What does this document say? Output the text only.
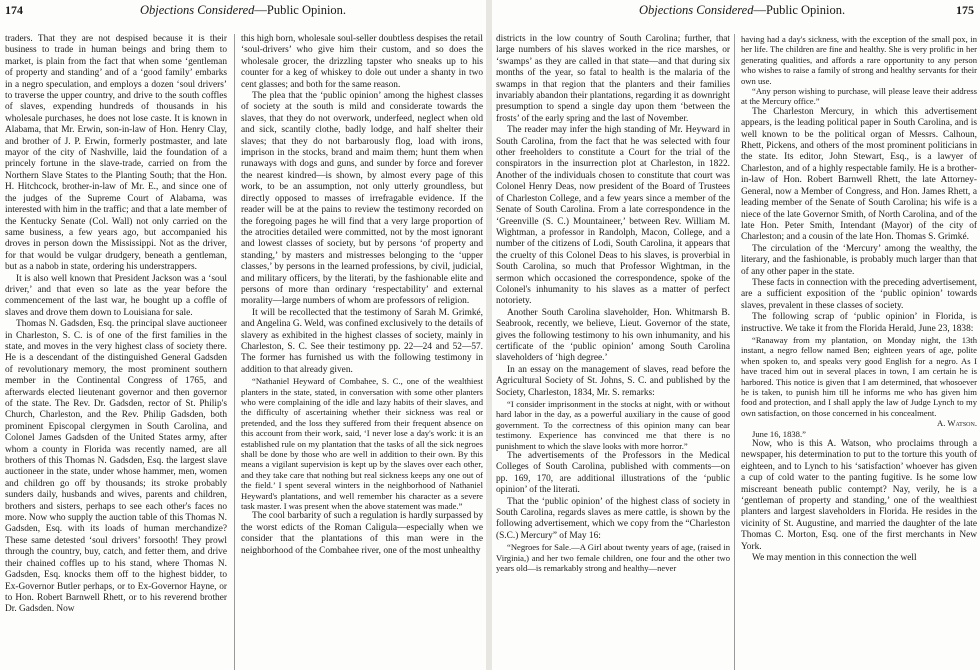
174	Objections Considered—Public Opinion.

traders. That they are not despised because it is their business to trade in human beings and bring them to market, is plain from the fact that when some ‘gentleman of property and standing’ and of a ‘good family’ embarks in a negro speculation, and employs a dozen ‘soul drivers’ to traverse the upper country, and drive to the south coffles of slaves, expending hundreds of thousands in his wholesale purchases, he does not lose caste. It is known in Alabama, that Mr. Erwin, son-in-law of Hon. Henry Clay, and brother of J. P. Erwin, formerly postmaster, and late mayor of the city of Nashville, laid the foundation of a princely fortune in the slave-trade, carried on from the Northern Slave States to the Planting South; that the Hon. H. Hitchcock, brother-in-law of Mr. E., and since one of the judges of the Supreme Court of Alabama, was interested with him in the traffic; and that a late member of the Kentucky Senate (Col. Wall) not only carried on the same business, a few years ago, but accompanied his droves in person down the Mississippi. Not as the driver, for that would be vulgar drudgery, beneath a gentleman, but as a nabob in state, ordering his understrappers.

It is also well known that President Jackson was a ‘soul driver,’ and that even so late as the year before the commencement of the last war, he bought up a coffle of slaves and drove them down to Louisiana for sale.

Thomas N. Gadsden, Esq. the principal slave auctioneer in Charleston, S. C. is of one of the first families in the state, and moves in the very highest class of society there. He is a descendant of the distinguished General Gadsden of revolutionary memory, the most prominent southern member in the Continental Congress of 1765, and afterwards elected lieutenant governor and then governor of the state. The Rev. Dr. Gadsden, rector of St. Philip's Church, Charleston, and the Rev. Philip Gadsden, both prominent Episcopal clergymen in South Carolina, and Colonel James Gadsden of the United States army, after whom a county in Florida was recently named, are all brothers of this Thomas N. Gadsden, Esq. the largest slave auctioneer in the state, under whose hammer, men, women and children go off by thousands; its stroke probably sunders daily, husbands and wives, parents and children, brothers and sisters, perhaps to see each other's faces no more. Now who supply the auction table of this Thomas N. Gadsden, Esq. with its loads of human merchandize? These same detested ‘soul drivers’ forsooth! They prowl through the country, buy, catch, and fetter them, and drive their chained coffles up to his stand, where Thomas N. Gadsden, Esq. knocks them off to the highest bidder, to Ex-Governor Butler perhaps, or to Ex-Governor Hayne, or to Hon. Robert Barnwell Rhett, or to his reverend brother Dr. Gadsden. Now

this high born, wholesale soul-seller doubtless despises the retail ‘soul-drivers’ who give him their custom, and so does the wholesale grocer, the drizzling tapster who sneaks up to his counter for a keg of whiskey to dole out under a shanty in two cent glasses; and both for the same reason.

The plea that the ‘public opinion’ among the highest classes of society at the south is mild and considerate towards the slaves, that they do not overwork, underfeed, neglect when old and sick, scantily clothe, badly lodge, and half shelter their slaves; that they do not barbarously flog, load with irons, imprison in the stocks, brand and maim them; hunt them when runaways with dogs and guns, and sunder by force and forever the nearest kindred—is shown, by almost every page of this work, to be an assumption, not only utterly groundless, but directly opposed to masses of irrefragable evidence. If the reader will be at the pains to review the testimony recorded on the foregoing pages he will find that a very large proportion of the atrocities detailed were committed, not by the most ignorant and lowest classes of society, but by persons ‘of property and standing,’ by masters and mistresses belonging to the ‘upper classes,’ by persons in the learned professions, by civil, judicial, and military officers, by the literati, by the fashionable elite and persons of more than ordinary ‘respectability’ and external morality—large numbers of whom are professors of religion.

It will be recollected that the testimony of Sarah M. Grimké, and Angelina G. Weld, was confined exclusively to the details of slavery as exhibited in the highest classes of society, mainly in Charleston, S. C. See their testimony pp. 22—24 and 52—57. The former has furnished us with the following testimony in addition to that already given.

“Nathaniel Heyward of Combahee, S. C., one of the wealthiest planters in the state, stated, in conversation with some other planters who were complaining of the idle and lazy habits of their slaves, and the difficulty of ascertaining whether their sickness was real or pretended, and the loss they suffered from their frequent absence on this account from their work, said, ‘I never lose a day's work: it is an established rule on my plantation that the tasks of all the sick negroes shall be done by those who are well in addition to their own. By this means a vigilant supervision is kept up by the slaves over each other, and they take care that nothing but real sickness keeps any one out of the field.’ I spent several winters in the neighborhood of Nathaniel Heyward's plantations, and well remember his character as a severe task master. I was present when the above statement was made.”

The cool barbarity of such a regulation is hardly surpassed by the worst edicts of the Roman Caligula—especially when we consider that the plantations of this man were in the neighborhood of the Combahee river, one of the most unhealthy

Objections Considered—Public Opinion.	175

districts in the low country of South Carolina; further, that large numbers of his slaves worked in the rice marshes, or ‘swamps’ as they are called in that state—and that during six months of the year, so fatal to health is the malaria of the swamps in that region that the planters and their families invariably abandon their plantations, regarding it as downright presumption to spend a single day upon them ‘between the frosts’ of the early spring and the last of November.

The reader may infer the high standing of Mr. Heyward in South Carolina, from the fact that he was selected with four other freeholders to constitute a Court for the trial of the conspirators in the insurrection plot at Charleston, in 1822. Another of the individuals chosen to constitute that court was Colonel Henry Deas, now president of the Board of Trustees of Charleston College, and a few years since a member of the Senate of South Carolina. From a late correspondence in the ‘Greenville (S. C.) Mountaineer,’ between Rev. William M. Wightman, a professor in Randolph, Macon, College, and a number of the citizens of Lodi, South Carolina, it appears that the cruelty of this Colonel Deas to his slaves, is proverbial in South Carolina, so much that Professor Wightman, in the sermon which occasioned the correspondence, spoke of the Colonel's inhumanity to his slaves as a matter of perfect notoriety.

Another South Carolina slaveholder, Hon. Whitmarsh B. Seabrook, recently, we believe, Lieut. Governor of the state, gives the following testimony to his own inhumanity, and his certificate of the ‘public opinion’ among South Carolina slaveholders of ‘high degree.’

In an essay on the management of slaves, read before the Agricultural Society of St. Johns, S. C. and published by the Society, Charleston, 1834, Mr. S. remarks:

“I consider imprisonment in the stocks at night, with or without hard labor in the day, as a powerful auxiliary in the cause of good government. To the correctness of this opinion many can bear testimony. Experience has convinced me that there is no punishment to which the slave looks with more horror.”

The advertisements of the Professors in the Medical Colleges of South Carolina, published with comments—on pp. 169, 170, are additional illustrations of the ‘public opinion’ of the literati.

That the ‘public opinion’ of the highest class of society in South Carolina, regards slaves as mere cattle, is shown by the following advertisement, which we copy from the “Charleston (S.C.) Mercury” of May 16:

“Negroes for Sale.—A Girl about twenty years of age, (raised in Virginia,) and her two female children, one four and the other two years old—is remarkably strong and healthy—never

having had a day's sickness, with the exception of the small pox, in her life. The children are fine and healthy. She is very prolific in her generating qualities, and affords a rare opportunity to any person who wishes to raise a family of strong and healthy servants for their own use.

“Any person wishing to purchase, will please leave their address at the Mercury office.”

The Charleston Mercury, in which this advertisement appears, is the leading political paper in South Carolina, and is well known to be the political organ of Messrs. Calhoun, Rhett, Pickens, and others of the most prominent politicians in the state. Its editor, John Stewart, Esq., is a lawyer of Charleston, and of a highly respectable family. He is a brother-in-law of Hon. Robert Barnwell Rhett, the late Attorney-General, now a Member of Congress, and Hon. James Rhett, a leading member of the Senate of South Carolina; his wife is a niece of the late Governor Smith, of North Carolina, and of the late Hon. Peter Smith, Intendant (Mayor) of the city of Charleston; and a cousin of the late Hon. Thomas S. Grimké.

The circulation of the ‘Mercury’ among the wealthy, the literary, and the fashionable, is probably much larger than that of any other paper in the state.

These facts in connection with the preceding advertisement, are a sufficient exposition of the ‘public opinion’ towards slaves, prevalent in these classes of society.

The following scrap of ‘public opinion’ in Florida, is instructive. We take it from the Florida Herald, June 23, 1838:

“Ranaway from my plantation, on Monday night, the 13th instant, a negro fellow named Ben; eighteen years of age, polite when spoken to, and speaks very good English for a negro. As I have traced him out in several places in town, I am certain he is harbored. This notice is given that I am determined, that whosoever he is taken, to punish him till he informs me who has given him food and protection, and I shall apply the law of Judge Lynch to my own satisfaction, on those concerned in his concealment.

A. Watson.

June 16, 1838.”

Now, who is this A. Watson, who proclaims through a newspaper, his determination to put to the torture this youth of eighteen, and to Lynch to his ‘satisfaction’ whoever has given a cup of cold water to the panting fugitive. Is he some low miscreant beneath public contempt? Nay, verily, he is a ‘gentleman of property and standing,’ one of the wealthiest planters and largest slaveholders in Florida. He resides in the vicinity of St. Augustine, and married the daughter of the late Thomas C. Morton, Esq. one of the first merchants in New York.

We may mention in this connection the well
